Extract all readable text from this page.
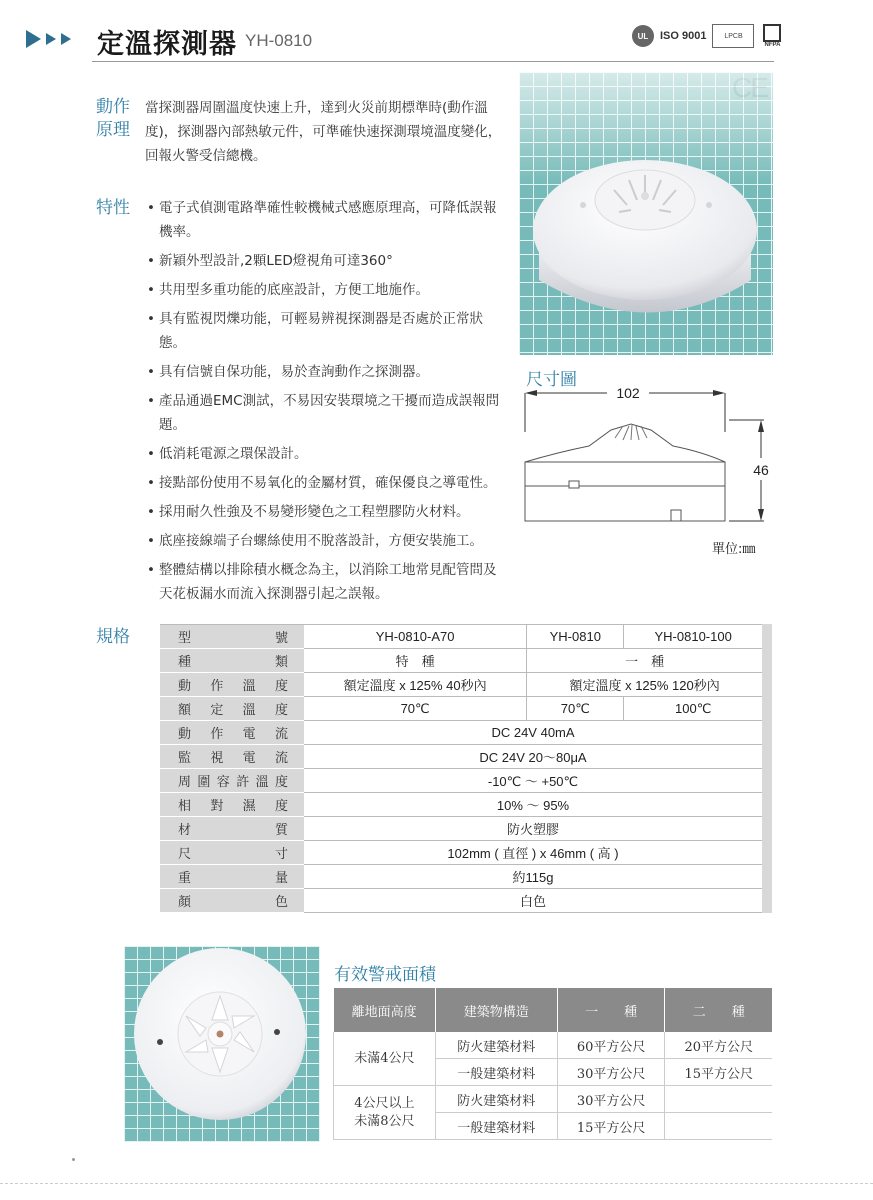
定溫探測器 YH-0810	UL	ISO 9001	LPCB
NFPA
動作
原理
當探測器周圍溫度快速上升，達到火災前期標準時(動作溫度)，探測器內部熱敏元件，可準確快速探測環境溫度變化，回報火警受信總機。
特性	• 電子式偵測電路準確性較機械式感應原理高，可降低誤報機率。
• 新穎外型設計,2顆LED燈視角可達360°
• 共用型多重功能的底座設計，方便工地施作。
• 具有監視閃爍功能，可輕易辨視探測器是否處於正常狀態。
• 具有信號自保功能，易於查詢動作之探測器。
• 產品通過EMC測試，不易因安裝環境之干擾而造成誤報問題。
• 低消耗電源之環保設計。
• 接點部份使用不易氧化的金屬材質，確保優良之導電性。
• 採用耐久性強及不易變形變色之工程塑膠防火材料。
• 底座接線端子台螺絲使用不脫落設計，方便安裝施工。
• 整體結構以排除積水概念為主，以消除工地常見配管問及天花板漏水而流入探測器引起之誤報。
尺寸圖
102
46
單位:㎜
規格	型號	YH-0810-A70	YH-0810	YH-0810-100
種類	特　種	一　種	
動作溫度	額定溫度 x 125% 40秒內	額定溫度 x 125% 120秒內	
額定溫度	70℃	70℃	100℃
動作電流	DC 24V 40mA		
監視電流	DC 24V 20～80μA		
周圍容許溫度	-10℃ ～ +50℃		
相對濕度	10% ～ 95%		
材質	防火塑膠		
尺寸	102mm ( 直徑 ) x 46mm ( 高 )		
重量	約115g		
顏色	白色		
有效警戒面積
離地面高度	建築物構造	一　　種	二　　種
未滿4公尺	防火建築材料	60平方公尺	20平方公尺
	一般建築材料	30平方公尺	15平方公尺

4公尺以上
未滿8公尺	防火建築材料	30平方公尺	
	一般建築材料	15平方公尺	
